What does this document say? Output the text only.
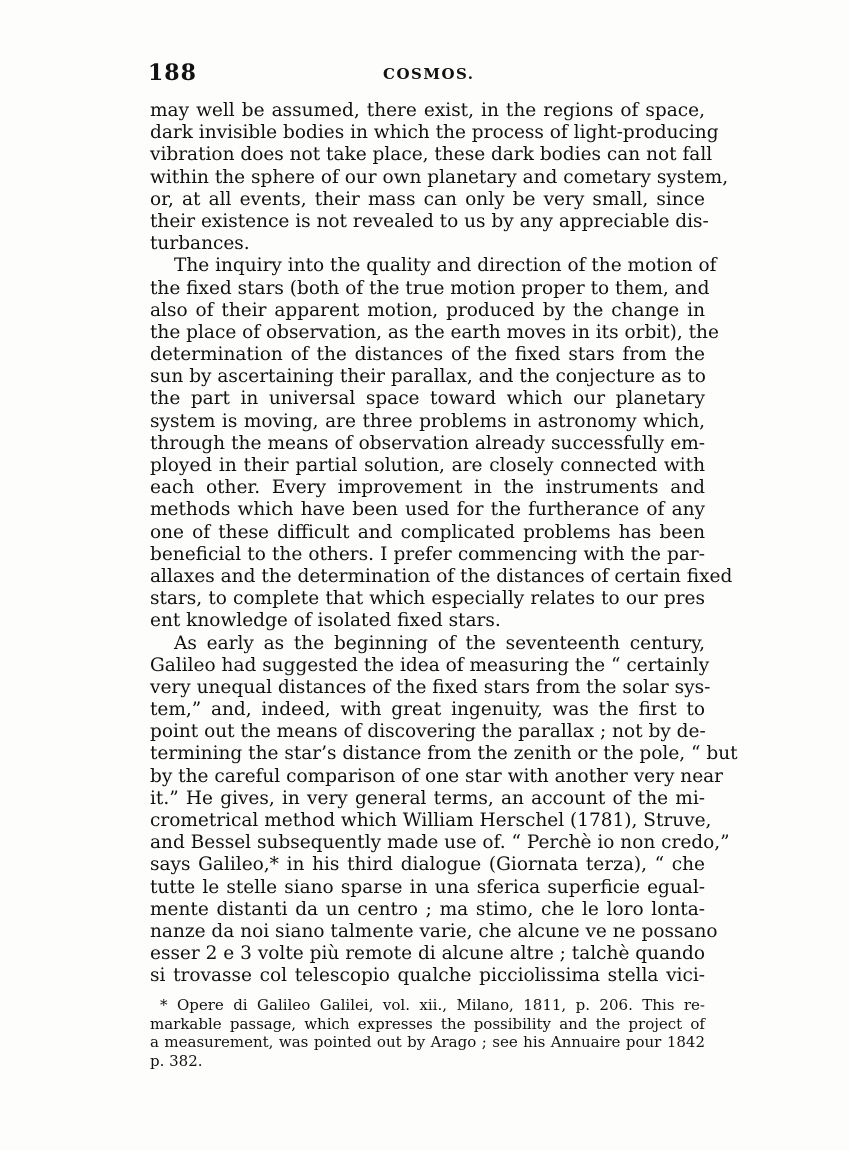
188	COSMOS.
may well be assumed, there exist, in the regions of space,
dark invisible bodies in which the process of light-producing
vibration does not take place, these dark bodies can not fall
within the sphere of our own planetary and cometary system,
or, at all events, their mass can only be very small, since
their existence is not revealed to us by any appreciable dis-
turbances.
The inquiry into the quality and direction of the motion of
the fixed stars (both of the true motion proper to them, and
also of their apparent motion, produced by the change in
the place of observation, as the earth moves in its orbit), the
determination of the distances of the fixed stars from the
sun by ascertaining their parallax, and the conjecture as to
the part in universal space toward which our planetary
system is moving, are three problems in astronomy which,
through the means of observation already successfully em-
ployed in their partial solution, are closely connected with
each other. Every improvement in the instruments and
methods which have been used for the furtherance of any
one of these difficult and complicated problems has been
beneficial to the others. I prefer commencing with the par-
allaxes and the determination of the distances of certain fixed
stars, to complete that which especially relates to our pres
ent knowledge of isolated fixed stars.
As early as the beginning of the seventeenth century,
Galileo had suggested the idea of measuring the “ certainly
very unequal distances of the fixed stars from the solar sys-
tem,” and, indeed, with great ingenuity, was the first to
point out the means of discovering the parallax ; not by de-
termining the star’s distance from the zenith or the pole, “ but
by the careful comparison of one star with another very near
it.” He gives, in very general terms, an account of the mi-
crometrical method which William Herschel (1781), Struve,
and Bessel subsequently made use of. “ Perchè io non credo,”
says Galileo,* in his third dialogue (Giornata terza), “ che
tutte le stelle siano sparse in una sferica superficie egual-
mente distanti da un centro ; ma stimo, che le loro lonta-
nanze da noi siano talmente varie, che alcune ve ne possano
esser 2 e 3 volte più remote di alcune altre ; talchè quando
si trovasse col telescopio qualche picciolissima stella vici-
* Opere di Galileo Galilei, vol. xii., Milano, 1811, p. 206. This re-
markable passage, which expresses the possibility and the project of
a measurement, was pointed out by Arago ; see his Annuaire pour 1842
p. 382.
